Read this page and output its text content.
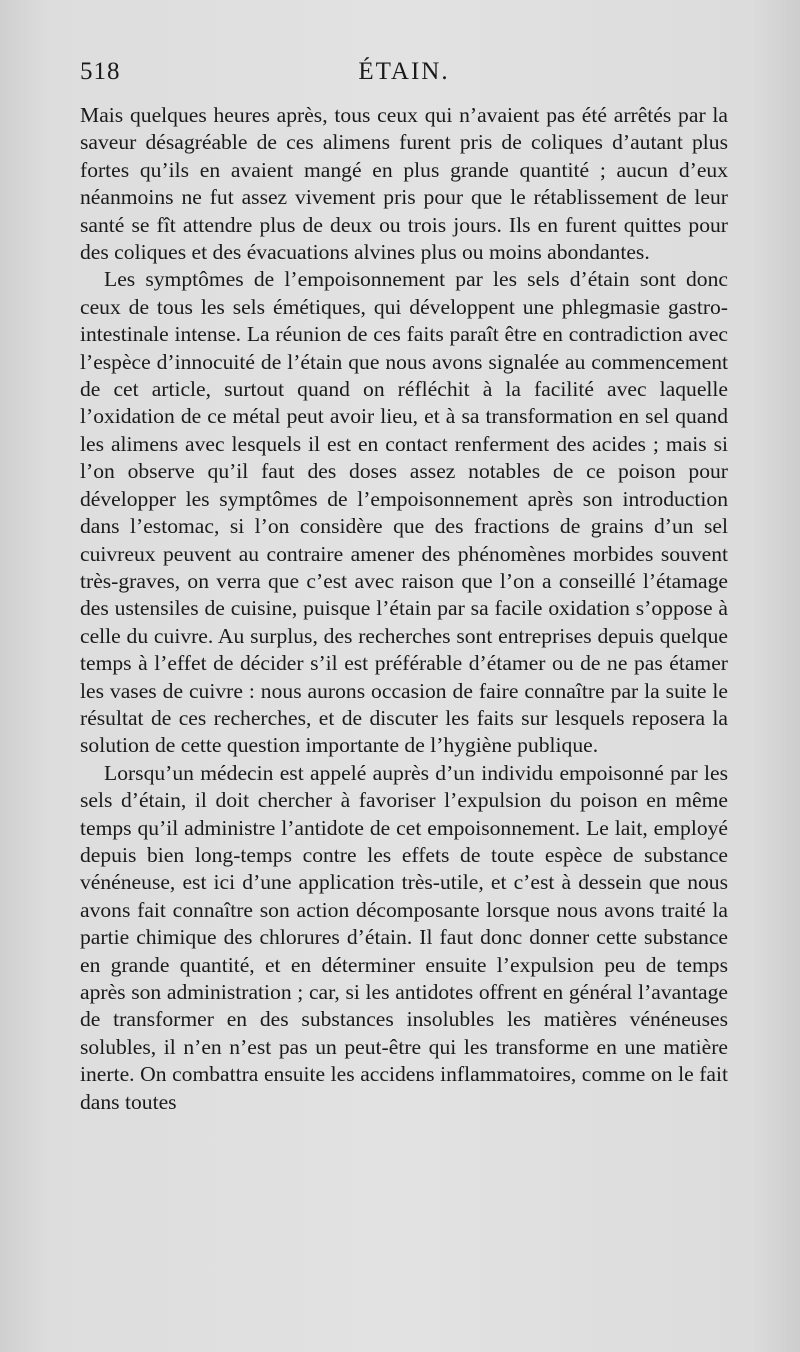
518	ÉTAIN.

Mais quelques heures après, tous ceux qui n’avaient pas été arrêtés par la saveur désagréable de ces alimens furent pris de coliques d’autant plus fortes qu’ils en avaient mangé en plus grande quantité ; aucun d’eux néanmoins ne fut assez vivement pris pour que le rétablissement de leur santé se fît attendre plus de deux ou trois jours. Ils en furent quittes pour des coliques et des évacuations alvines plus ou moins abondantes.

Les symptômes de l’empoisonnement par les sels d’étain sont donc ceux de tous les sels émétiques, qui développent une phlegmasie gastro-intestinale intense. La réunion de ces faits paraît être en contradiction avec l’espèce d’innocuité de l’étain que nous avons signalée au commencement de cet article, surtout quand on réfléchit à la facilité avec laquelle l’oxidation de ce métal peut avoir lieu, et à sa transformation en sel quand les alimens avec lesquels il est en contact renferment des acides ; mais si l’on observe qu’il faut des doses assez notables de ce poison pour développer les symptômes de l’empoisonnement après son introduction dans l’estomac, si l’on considère que des fractions de grains d’un sel cuivreux peuvent au contraire amener des phénomènes morbides souvent très-graves, on verra que c’est avec raison que l’on a conseillé l’étamage des ustensiles de cuisine, puisque l’étain par sa facile oxidation s’oppose à celle du cuivre. Au surplus, des recherches sont entreprises depuis quelque temps à l’effet de décider s’il est préférable d’étamer ou de ne pas étamer les vases de cuivre : nous aurons occasion de faire connaître par la suite le résultat de ces recherches, et de discuter les faits sur lesquels reposera la solution de cette question importante de l’hygiène publique.

Lorsqu’un médecin est appelé auprès d’un individu empoisonné par les sels d’étain, il doit chercher à favoriser l’expulsion du poison en même temps qu’il administre l’antidote de cet empoisonnement. Le lait, employé depuis bien long-temps contre les effets de toute espèce de substance vénéneuse, est ici d’une application très-utile, et c’est à dessein que nous avons fait connaître son action décomposante lorsque nous avons traité la partie chimique des chlorures d’étain. Il faut donc donner cette substance en grande quantité, et en déterminer ensuite l’expulsion peu de temps après son administration ; car, si les antidotes offrent en général l’avantage de transformer en des substances insolubles les matières vénéneuses solubles, il n’en n’est pas un peut-être qui les transforme en une matière inerte. On combattra ensuite les accidens inflammatoires, comme on le fait dans toutes
